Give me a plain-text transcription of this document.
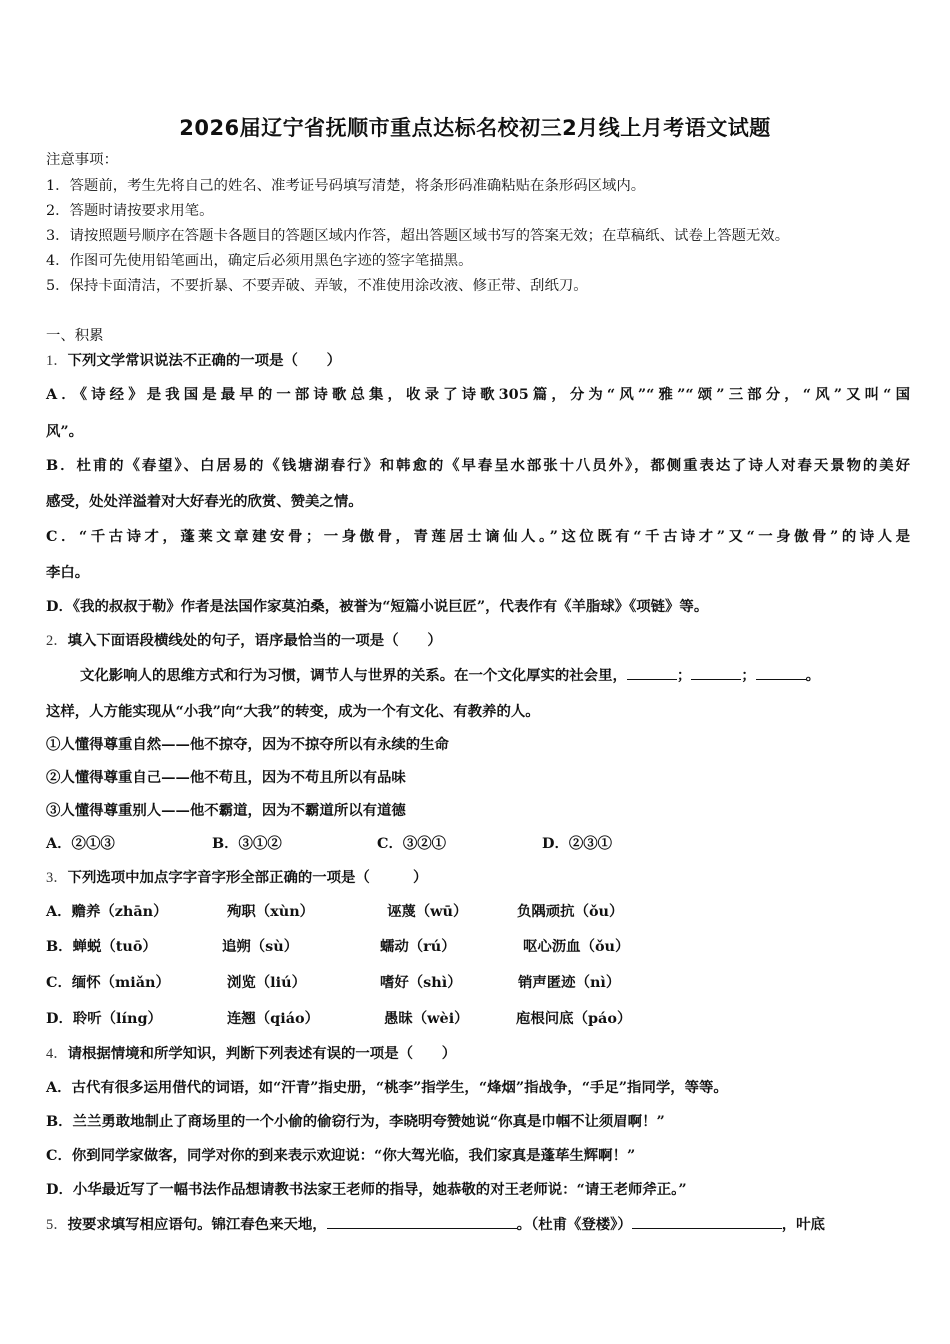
2026届辽宁省抚顺市重点达标名校初三2月线上月考语文试题
注意事项：
1．答题前，考生先将自己的姓名、准考证号码填写清楚，将条形码准确粘贴在条形码区域内。
2．答题时请按要求用笔。
3．请按照题号顺序在答题卡各题目的答题区域内作答，超出答题区域书写的答案无效；在草稿纸、试卷上答题无效。
4．作图可先使用铅笔画出，确定后必须用黑色字迹的签字笔描黑。
5．保持卡面清洁，不要折暴、不要弄破、弄皱，不准使用涂改液、修正带、刮纸刀。
一、积累
1．下列文学常识说法不正确的一项是（　　）
A．《诗经》是我国是最早的一部诗歌总集，收录了诗歌305篇，分为“风”“雅”“颂”三部分，“风”又叫“国
风”。
B．杜甫的《春望》、白居易的《钱塘湖春行》和韩愈的《早春呈水部张十八员外》，都侧重表达了诗人对春天景物的美好
感受，处处洋溢着对大好春光的欣赏、赞美之情。
C．“千古诗才，蓬莱文章建安骨；一身傲骨，青莲居士谪仙人。”这位既有“千古诗才”又“一身傲骨”的诗人是
李白。
D．《我的叔叔于勒》作者是法国作家莫泊桑，被誉为“短篇小说巨匠”，代表作有《羊脂球》《项链》等。
2．填入下面语段横线处的句子，语序最恰当的一项是（　　）
文化影响人的思维方式和行为习惯，调节人与世界的关系。在一个文化厚实的社会里，	；	；	。
这样，人方能实现从“小我”向“大我”的转变，成为一个有文化、有教养的人。
①人懂得尊重自然——他不掠夺，因为不掠夺所以有永续的生命
②人懂得尊重自己——他不苟且，因为不苟且所以有品味
③人懂得尊重别人——他不霸道，因为不霸道所以有道德
A．②①③	B．③①②	C．③②①	D．②③①
3．下列选项中加点字字音字形全部正确的一项是（　　　）
A．赡养（zhān）	殉职（xùn）	诬蔑（wū）	负隅顽抗（ǒu）
B．蝉蜕（tuō）	追朔（sù）	蠕动（rú）	呕心沥血（ǒu）
C．缅怀（miǎn）	浏览（liú）	嗜好（shì）	销声匿迹（nì）
D．聆听（líng）	连翘（qiáo）	愚昧（wèi）	庖根问底（páo）
4．请根据情境和所学知识，判断下列表述有误的一项是（　　）
A．古代有很多运用借代的词语，如“汗青”指史册，“桃李”指学生，“烽烟”指战争，“手足”指同学，等等。
B．兰兰勇敢地制止了商场里的一个小偷的偷窃行为，李晓明夸赞她说“你真是巾帼不让须眉啊！”
C．你到同学家做客，同学对你的到来表示欢迎说：“你大驾光临，我们家真是蓬荜生辉啊！”
D．小华最近写了一幅书法作品想请教书法家王老师的指导，她恭敬的对王老师说：“请王老师斧正。”
5．按要求填写相应语句。锦江春色来天地，	。（杜甫《登楼》）	，叶底
